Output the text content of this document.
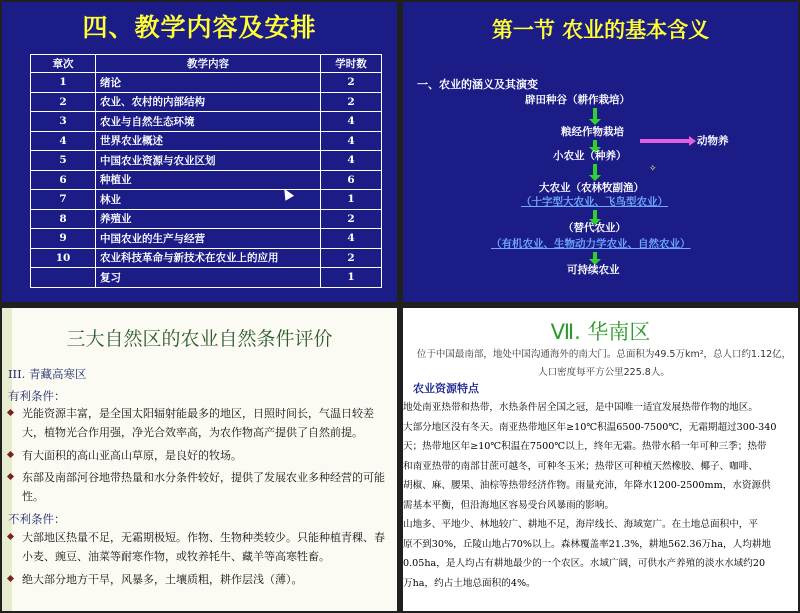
四、教学内容及安排
章次	教学内容	学时数
1	绪论	2
2	农业、农村的内部结构	2
3	农业与自然生态环境	4
4	世界农业概述	4
5	中国农业资源与农业区划	4
6	种植业	6
7	林业	1
8	养殖业	2
9	中国农业的生产与经营	4
10	农业科技革命与新技术在农业上的应用	2
	复习	1
第一节 农业的基本含义
一、农业的涵义及其演变
辟田种谷（耕作栽培）
粮经作物栽培
动物养
小农业（种养）
✧
大农业（农林牧副渔）
（十字型大农业、飞鸟型农业）
（替代农业）
（有机农业、生物动力学农业、自然农业）
可持续农业
三大自然区的农业自然条件评价
III. 青藏高寒区
有利条件：
光能资源丰富，是全国太阳辐射能最多的地区，日照时间长，气温日较差大，植物光合作用强，净光合效率高，为农作物高产提供了自然前提。
有大面积的高山亚高山草原，是良好的牧场。
东部及南部河谷地带热量和水分条件较好，提供了发展农业多种经营的可能性。
不利条件：
大部地区热量不足，无霜期极短。作物、生物种类较少。只能种植青稞、春小麦、豌豆、油菜等耐寒作物，或牧养牦牛、藏羊等高寒牲畜。
绝大部分地方干旱，风暴多，土壤质粗，耕作层浅（薄）。
Ⅶ. 华南区
位于中国最南部，地处中国沟通海外的南大门。总面积为49.5万km²，总人口约1.12亿，人口密度每平方公里225.8人。
农业资源特点
地处南亚热带和热带，水热条件居全国之冠，是中国唯一适宜发展热带作物的地区。
大部分地区没有冬天。南亚热带地区年≥10℃积温6500-7500℃，无霜期超过300-340
天；热带地区年≥10℃积温在7500℃以上，终年无霜。热带水稻一年可种三季；热带
和南亚热带的南部甘蔗可越冬，可种冬玉米；热带区可种植天然橡胶、椰子、咖啡、
胡椒、麻、腰果、油棕等热带经济作物。雨量充沛，年降水1200-2500mm，水资源供
需基本平衡，但沿海地区容易受台风暴雨的影响。
山地多、平地少、林地较广、耕地不足，海岸线长、海域宽广。在土地总面积中，平
原不到30%，丘陵山地占70%以上。森林覆盖率21.3%，耕地562.36万ha，人均耕地
0.05ha，是人均占有耕地最少的一个农区。水域广阔，可供水产养殖的淡水水域约20
万ha，约占土地总面积的4%。
